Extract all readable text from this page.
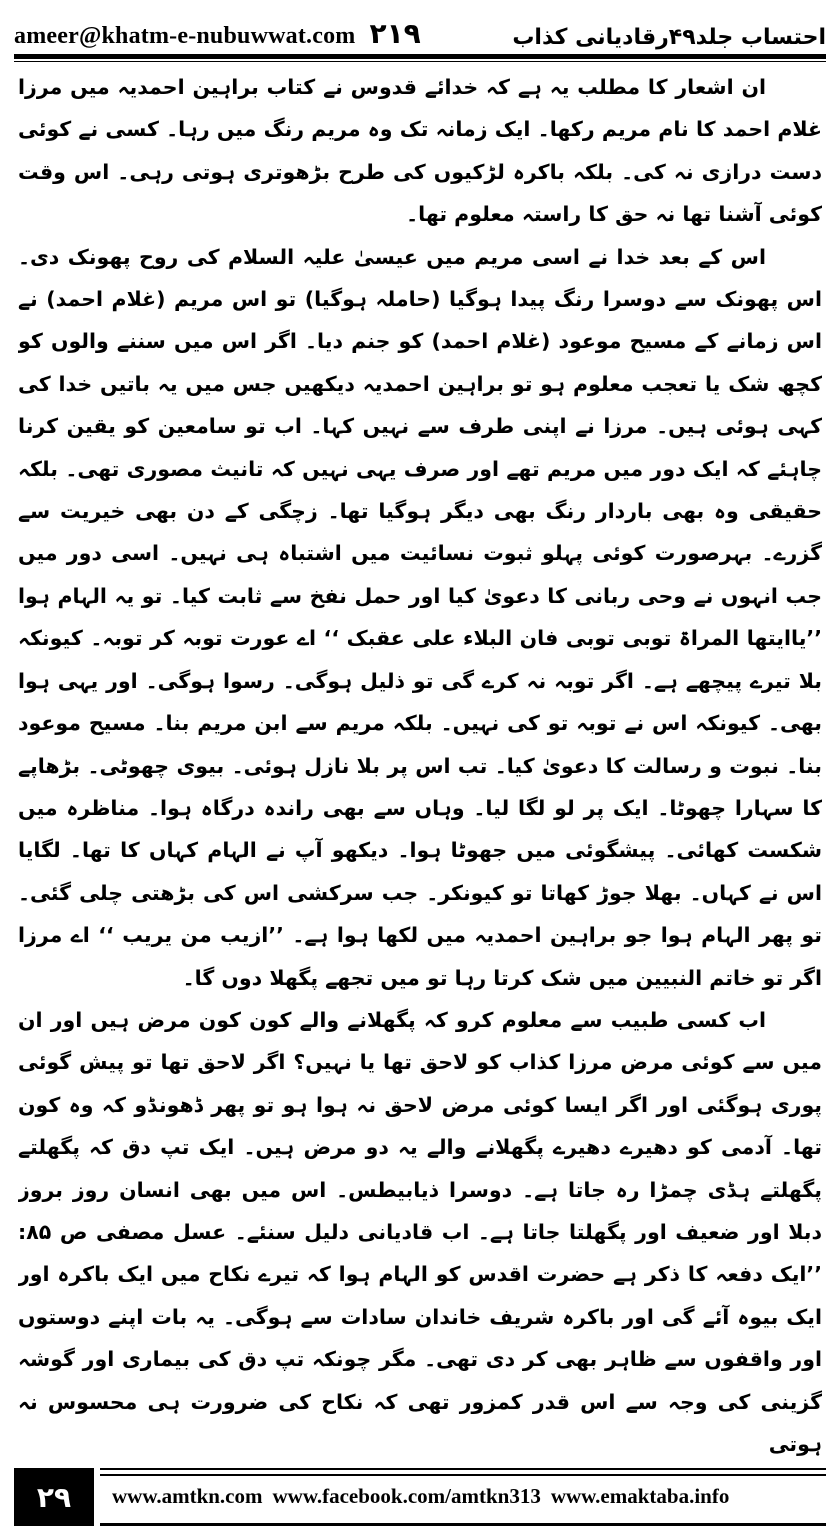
ameer@khatm-e-nubuwwat.com ۲۱۹	احتساب جلد۴۹رقادیانی کذاب

ان اشعار کا مطلب یہ ہے کہ خدائے قدوس نے کتاب براہین احمدیہ میں مرزا غلام احمد کا نام مریم رکھا۔ ایک زمانہ تک وہ مریم رنگ میں رہا۔ کسی نے کوئی دست درازی نہ کی۔ بلکہ باکرہ لڑکیوں کی طرح بڑھوتری ہوتی رہی۔ اس وقت کوئی آشنا تھا نہ حق کا راستہ معلوم تھا۔

اس کے بعد خدا نے اسی مریم میں عیسیٰ علیہ السلام کی روح پھونک دی۔ اس پھونک سے دوسرا رنگ پیدا ہوگیا (حاملہ ہوگیا) تو اس مریم (غلام احمد) نے اس زمانے کے مسیح موعود (غلام احمد) کو جنم دیا۔ اگر اس میں سننے والوں کو کچھ شک یا تعجب معلوم ہو تو براہین احمدیہ دیکھیں جس میں یہ باتیں خدا کی کہی ہوئی ہیں۔ مرزا نے اپنی طرف سے نہیں کہا۔ اب تو سامعین کو یقین کرنا چاہئے کہ ایک دور میں مریم تھے اور صرف یہی نہیں کہ تانیث مصوری تھی۔ بلکہ حقیقی وہ بھی باردار رنگ بھی دیگر ہوگیا تھا۔ زچگی کے دن بھی خیریت سے گزرے۔ بہرصورت کوئی پہلو ثبوت نسائیت میں اشتباہ ہی نہیں۔ اسی دور میں جب انہوں نے وحی ربانی کا دعویٰ کیا اور حمل نفخ سے ثابت کیا۔ تو یہ الہام ہوا ’’یاایتھا المراۃ توبی توبی فان البلاء علی عقبک ‘‘ اے عورت توبہ کر توبہ۔ کیونکہ بلا تیرے پیچھے ہے۔ اگر توبہ نہ کرے گی تو ذلیل ہوگی۔ رسوا ہوگی۔ اور یہی ہوا بھی۔ کیونکہ اس نے توبہ تو کی نہیں۔ بلکہ مریم سے ابن مریم بنا۔ مسیح موعود بنا۔ نبوت و رسالت کا دعویٰ کیا۔ تب اس پر بلا نازل ہوئی۔ بیوی چھوٹی۔ بڑھاپے کا سہارا چھوٹا۔ ایک پر لو لگا لیا۔ وہاں سے بھی راندہ درگاہ ہوا۔ مناظرہ میں شکست کھائی۔ پیشگوئی میں جھوٹا ہوا۔ دیکھو آپ نے الہام کہاں کا تھا۔ لگایا اس نے کہاں۔ بھلا جوڑ کھاتا تو کیونکر۔ جب سرکشی اس کی بڑھتی چلی گئی۔ تو پھر الہام ہوا جو براہین احمدیہ میں لکھا ہوا ہے۔ ’’ازیب من یریب ‘‘ اے مرزا اگر تو خاتم النبیین میں شک کرتا رہا تو میں تجھے پگھلا دوں گا۔

اب کسی طبیب سے معلوم کرو کہ پگھلانے والے کون کون مرض ہیں اور ان میں سے کوئی مرض مرزا کذاب کو لاحق تھا یا نہیں؟ اگر لاحق تھا تو پیش گوئی پوری ہوگئی اور اگر ایسا کوئی مرض لاحق نہ ہوا ہو تو پھر ڈھونڈو کہ وہ کون تھا۔ آدمی کو دھیرے دھیرے پگھلانے والے یہ دو مرض ہیں۔ ایک تپ دق کہ پگھلتے پگھلتے ہڈی چمڑا رہ جاتا ہے۔ دوسرا ذیابیطس۔ اس میں بھی انسان روز بروز دبلا اور ضعیف اور پگھلتا جاتا ہے۔ اب قادیانی دلیل سنئے۔ عسل مصفی ص ۸۵: ’’ایک دفعہ کا ذکر ہے حضرت اقدس کو الہام ہوا کہ تیرے نکاح میں ایک باکرہ اور ایک بیوہ آئے گی اور باکرہ شریف خاندان سادات سے ہوگی۔ یہ بات اپنے دوستوں اور واقفوں سے ظاہر بھی کر دی تھی۔ مگر چونکہ تپ دق کی بیماری اور گوشہ گزینی کی وجہ سے اس قدر کمزور تھی کہ نکاح کی ضرورت ہی محسوس نہ ہوتی

۲۹	www.amtkn.com www.facebook.com/amtkn313 www.emaktaba.info
